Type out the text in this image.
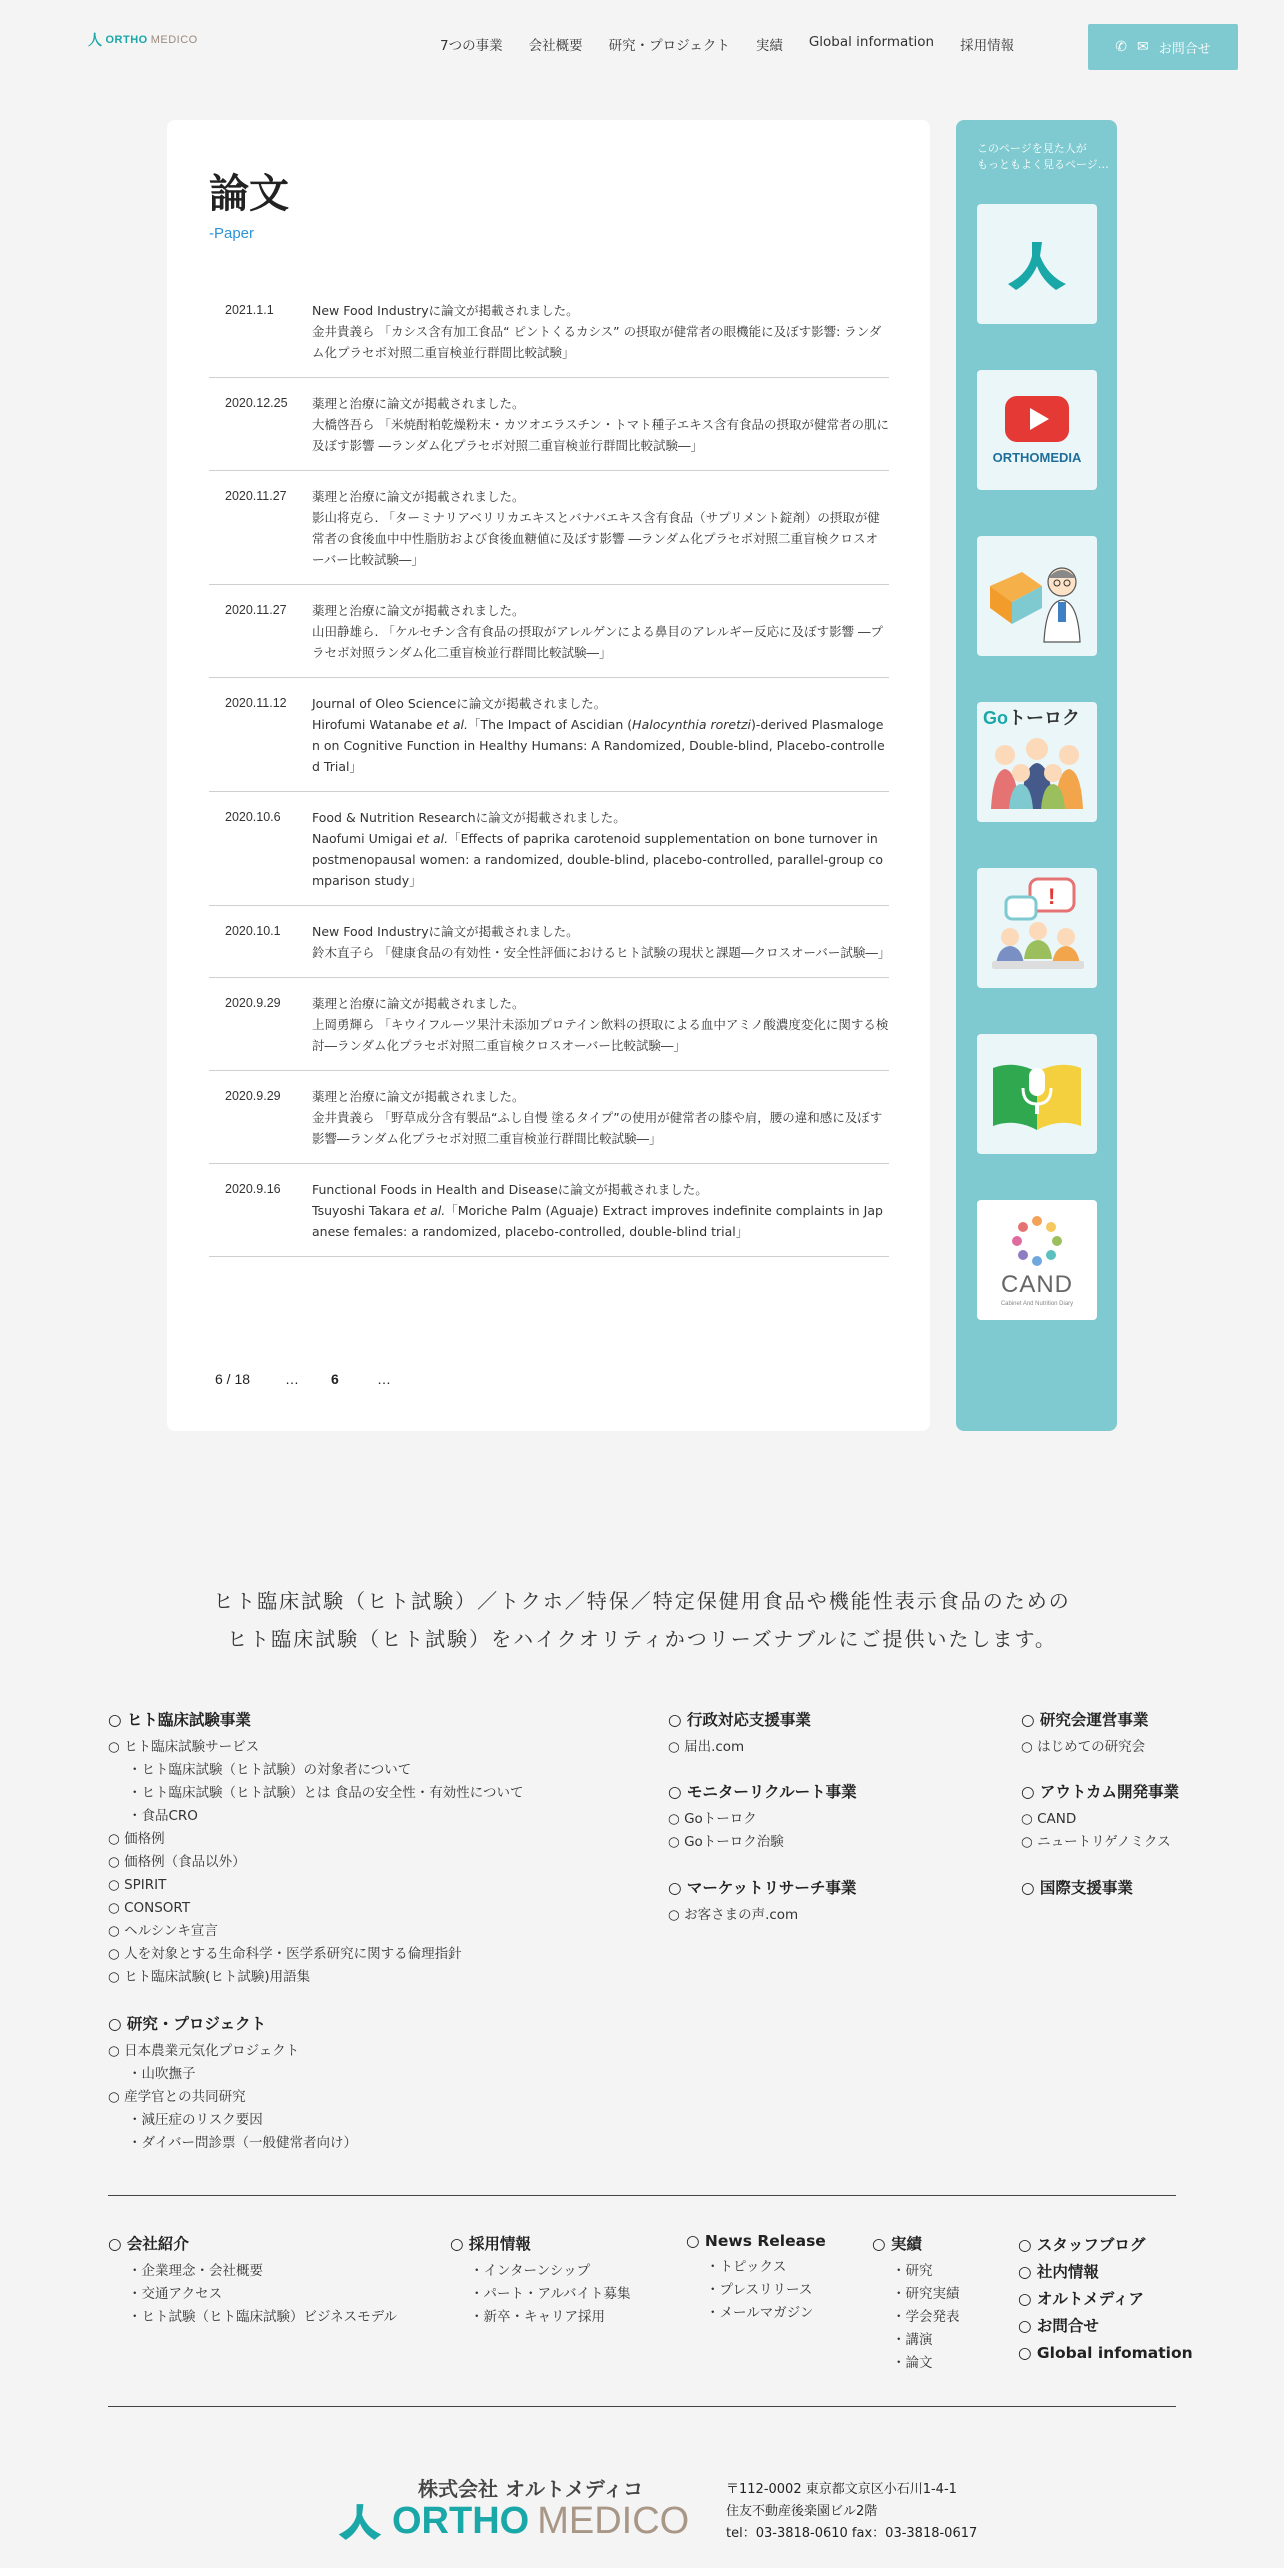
人 ORTHO MEDICO	7つの事業 会社概要 研究・プロジェクト 実績 Global information 採用情報	✆ ✉ お問合せ
論文
-Paper
2021.1.1	New Food Industryに論文が掲載されました。
金井貴義ら 「カシス含有加工食品“ ピントくるカシス” の摂取が健常者の眼機能に及ぼす影響: ランダム化プラセボ対照二重盲検並行群間比較試験」
2020.12.25	薬理と治療に論文が掲載されました。
大橋啓吾ら 「米焼酎粕乾燥粉末・カツオエラスチン・トマト種子エキス含有食品の摂取が健常者の肌に及ぼす影響 ―ランダム化プラセボ対照二重盲検並行群間比較試験―」
2020.11.27	薬理と治療に論文が掲載されました。
影山将克ら. 「ターミナリアベリリカエキスとバナバエキス含有食品（サプリメント錠剤）の摂取が健常者の食後血中中性脂肪および食後血糖値に及ぼす影響 ―ランダム化プラセボ対照二重盲検クロスオーバー比較試験―」
2020.11.27	薬理と治療に論文が掲載されました。
山田静雄ら. 「ケルセチン含有食品の摂取がアレルゲンによる鼻目のアレルギー反応に及ぼす影響 ―プラセボ対照ランダム化二重盲検並行群間比較試験―」
2020.11.12	Journal of Oleo Scienceに論文が掲載されました。
Hirofumi Watanabe et al.「The Impact of Ascidian (Halocynthia roretzi)-derived Plasmalogen on Cognitive Function in Healthy Humans: A Randomized, Double-blind, Placebo-controlled Trial」
2020.10.6	Food & Nutrition Researchに論文が掲載されました。
Naofumi Umigai et al.「Effects of paprika carotenoid supplementation on bone turnover in postmenopausal women: a randomized, double-blind, placebo-controlled, parallel-group comparison study」
2020.10.1	New Food Industryに論文が掲載されました。
鈴木直子ら 「健康食品の有効性・安全性評価におけるヒト試験の現状と課題―クロスオーバー試験―」
2020.9.29	薬理と治療に論文が掲載されました。
上岡勇輝ら 「キウイフルーツ果汁未添加プロテイン飲料の摂取による血中アミノ酸濃度変化に関する検討―ランダム化プラセボ対照二重盲検クロスオーバー比較試験―」
2020.9.29	薬理と治療に論文が掲載されました。
金井貴義ら 「野草成分含有製品“ふし自慢 塗るタイプ”の使用が健常者の膝や肩，腰の違和感に及ぼす影響―ランダム化プラセボ対照二重盲検並行群間比較試験―」
2020.9.16	Functional Foods in Health and Diseaseに論文が掲載されました。
Tsuyoshi Takara et al.「Moriche Palm (Aguaje) Extract improves indefinite complaints in Japanese females: a randomized, placebo-controlled, double-blind trial」
6 / 18	…	6	…
このページを見た人が
もっともよく見るページ…
ORTHOMEDIA
Goトーロク
!
CAND
Cabinet And Nutrition Diary
ヒト臨床試験（ヒト試験）／トクホ／特保／特定保健用食品や機能性表示食品のための
ヒト臨床試験（ヒト試験）をハイクオリティかつリーズナブルにご提供いたします。
○ ヒト臨床試験事業
○ ヒト臨床試験サービス
・ヒト臨床試験（ヒト試験）の対象者について
・ヒト臨床試験（ヒト試験）とは 食品の安全性・有効性について
・食品CRO
○ 価格例
○ 価格例（食品以外）
○ SPIRIT
○ CONSORT
○ ヘルシンキ宣言
○ 人を対象とする生命科学・医学系研究に関する倫理指針
○ ヒト臨床試験(ヒト試験)用語集
○ 研究・プロジェクト
○ 日本農業元気化プロジェクト
・山吹撫子
○ 産学官との共同研究
・減圧症のリスク要因
・ダイバー問診票（一般健常者向け）
○ 行政対応支援事業
○ 届出.com
○ モニターリクルート事業
○ Goトーロク
○ Goトーロク治験
○ マーケットリサーチ事業
○ お客さまの声.com
○ 研究会運営事業
○ はじめての研究会
○ アウトカム開発事業
○ CAND
○ ニュートリゲノミクス
○ 国際支援事業
○ 会社紹介
・企業理念・会社概要
・交通アクセス
・ヒト試験（ヒト臨床試験）ビジネスモデル
○ 採用情報
・インターンシップ
・パート・アルバイト募集
・新卒・キャリア採用
○ News Release
・トピックス
・プレスリリース
・メールマガジン
○ 実績
・研究
・研究実績
・学会発表
・講演
・論文
○ スタッフブログ
○ 社内情報
○ オルトメディア
○ お問合せ
○ Global infomation
株式会社 オルトメディコ
ORTHO MEDICO
〒112-0002 東京都文京区小石川1-4-1
住友不動産後楽園ビル2階
tel：03-3818-0610 fax：03-3818-0617
